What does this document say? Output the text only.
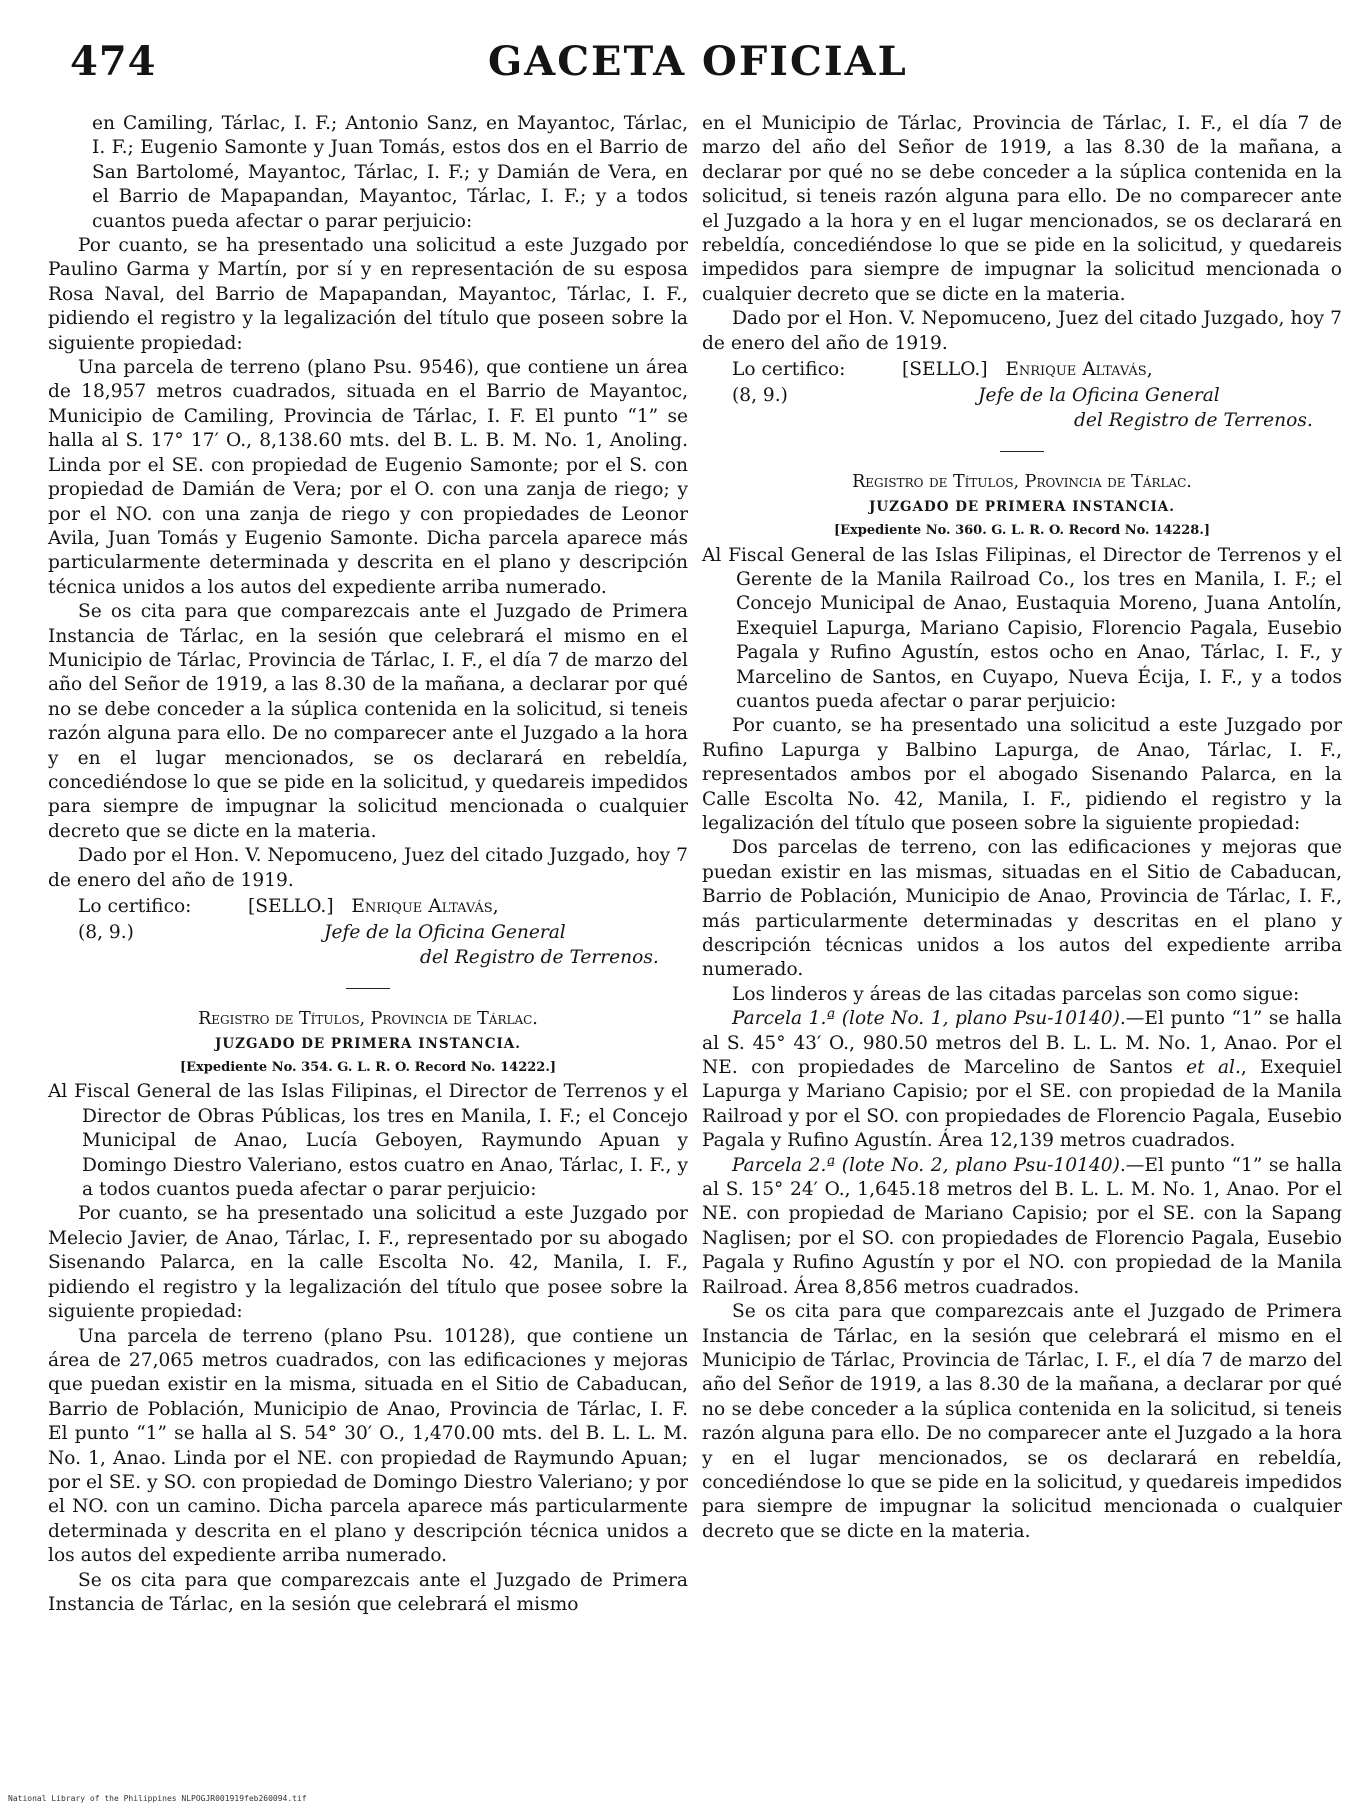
474	GACETA OFICIAL

en Camiling, Tárlac, I. F.; Antonio Sanz, en Mayantoc, Tárlac, I. F.; Eugenio Samonte y Juan Tomás, estos dos en el Barrio de San Bartolomé, Mayantoc, Tárlac, I. F.; y Damián de Vera, en el Barrio de Mapapandan, Mayantoc, Tárlac, I. F.; y a todos cuantos pueda afectar o parar perjuicio:

Por cuanto, se ha presentado una solicitud a este Juzgado por Paulino Garma y Martín, por sí y en representación de su esposa Rosa Naval, del Barrio de Mapapandan, Mayantoc, Tárlac, I. F., pidiendo el registro y la legalización del título que poseen sobre la siguiente propiedad:

Una parcela de terreno (plano Psu. 9546), que contiene un área de 18,957 metros cuadrados, situada en el Barrio de Mayantoc, Municipio de Camiling, Provincia de Tárlac, I. F. El punto “1” se halla al S. 17° 17′ O., 8,138.60 mts. del B. L. B. M. No. 1, Anoling. Linda por el SE. con propiedad de Eugenio Samonte; por el S. con propiedad de Damián de Vera; por el O. con una zanja de riego; y por el NO. con una zanja de riego y con propiedades de Leonor Avila, Juan Tomás y Eugenio Samonte. Dicha parcela aparece más particularmente determinada y descrita en el plano y descripción técnica unidos a los autos del expediente arriba numerado.

Se os cita para que comparezcais ante el Juzgado de Primera Instancia de Tárlac, en la sesión que celebrará el mismo en el Municipio de Tárlac, Provincia de Tárlac, I. F., el día 7 de marzo del año del Señor de 1919, a las 8.30 de la mañana, a declarar por qué no se debe conceder a la súplica contenida en la solicitud, si teneis razón alguna para ello. De no comparecer ante el Juzgado a la hora y en el lugar mencionados, se os declarará en rebeldía, concediéndose lo que se pide en la solicitud, y quedareis impedidos para siempre de impugnar la solicitud mencionada o cualquier decreto que se dicte en la materia.

Dado por el Hon. V. Nepomuceno, Juez del citado Juzgado, hoy 7 de enero del año de 1919.

Lo certifico:	[SELLO.] Enrique Altavás,
(8, 9.)	Jefe de la Oficina General
del Registro de Terrenos.

Registro de Títulos, Provincia de Tárlac.

JUZGADO DE PRIMERA INSTANCIA.

[Expediente No. 354. G. L. R. O. Record No. 14222.]

Al Fiscal General de las Islas Filipinas, el Director de Terrenos y el Director de Obras Públicas, los tres en Manila, I. F.; el Concejo Municipal de Anao, Lucía Geboyen, Raymundo Apuan y Domingo Diestro Valeriano, estos cuatro en Anao, Tárlac, I. F., y a todos cuantos pueda afectar o parar perjuicio:

Por cuanto, se ha presentado una solicitud a este Juzgado por Melecio Javier, de Anao, Tárlac, I. F., representado por su abogado Sisenando Palarca, en la calle Escolta No. 42, Manila, I. F., pidiendo el registro y la legalización del título que posee sobre la siguiente propiedad:

Una parcela de terreno (plano Psu. 10128), que contiene un área de 27,065 metros cuadrados, con las edificaciones y mejoras que puedan existir en la misma, situada en el Sitio de Cabaducan, Barrio de Población, Municipio de Anao, Provincia de Tárlac, I. F. El punto “1” se halla al S. 54° 30′ O., 1,470.00 mts. del B. L. L. M. No. 1, Anao. Linda por el NE. con propiedad de Raymundo Apuan; por el SE. y SO. con propiedad de Domingo Diestro Valeriano; y por el NO. con un camino. Dicha parcela aparece más particularmente determinada y descrita en el plano y descripción técnica unidos a los autos del expediente arriba numerado.

Se os cita para que comparezcais ante el Juzgado de Primera Instancia de Tárlac, en la sesión que celebrará el mismo

en el Municipio de Tárlac, Provincia de Tárlac, I. F., el día 7 de marzo del año del Señor de 1919, a las 8.30 de la mañana, a declarar por qué no se debe conceder a la súplica contenida en la solicitud, si teneis razón alguna para ello. De no comparecer ante el Juzgado a la hora y en el lugar mencionados, se os declarará en rebeldía, concediéndose lo que se pide en la solicitud, y quedareis impedidos para siempre de impugnar la solicitud mencionada o cualquier decreto que se dicte en la materia.

Dado por el Hon. V. Nepomuceno, Juez del citado Juzgado, hoy 7 de enero del año de 1919.

Lo certifico:	[SELLO.] Enrique Altavás,
(8, 9.)	Jefe de la Oficina General
del Registro de Terrenos.

Registro de Títulos, Provincia de Tárlac.

JUZGADO DE PRIMERA INSTANCIA.

[Expediente No. 360. G. L. R. O. Record No. 14228.]

Al Fiscal General de las Islas Filipinas, el Director de Terrenos y el Gerente de la Manila Railroad Co., los tres en Manila, I. F.; el Concejo Municipal de Anao, Eustaquia Moreno, Juana Antolín, Exequiel Lapurga, Mariano Capisio, Florencio Pagala, Eusebio Pagala y Rufino Agustín, estos ocho en Anao, Tárlac, I. F., y Marcelino de Santos, en Cuyapo, Nueva Écija, I. F., y a todos cuantos pueda afectar o parar perjuicio:

Por cuanto, se ha presentado una solicitud a este Juzgado por Rufino Lapurga y Balbino Lapurga, de Anao, Tárlac, I. F., representados ambos por el abogado Sisenando Palarca, en la Calle Escolta No. 42, Manila, I. F., pidiendo el registro y la legalización del título que poseen sobre la siguiente propiedad:

Dos parcelas de terreno, con las edificaciones y mejoras que puedan existir en las mismas, situadas en el Sitio de Cabaducan, Barrio de Población, Municipio de Anao, Provincia de Tárlac, I. F., más particularmente determinadas y descritas en el plano y descripción técnicas unidos a los autos del expediente arriba numerado.

Los linderos y áreas de las citadas parcelas son como sigue:

Parcela 1.ª (lote No. 1, plano Psu-10140).—El punto “1” se halla al S. 45° 43′ O., 980.50 metros del B. L. L. M. No. 1, Anao. Por el NE. con propiedades de Marcelino de Santos et al., Exequiel Lapurga y Mariano Capisio; por el SE. con propiedad de la Manila Railroad y por el SO. con propiedades de Florencio Pagala, Eusebio Pagala y Rufino Agustín. Área 12,139 metros cuadrados.

Parcela 2.ª (lote No. 2, plano Psu-10140).—El punto “1” se halla al S. 15° 24′ O., 1,645.18 metros del B. L. L. M. No. 1, Anao. Por el NE. con propiedad de Mariano Capisio; por el SE. con la Sapang Naglisen; por el SO. con propiedades de Florencio Pagala, Eusebio Pagala y Rufino Agustín y por el NO. con propiedad de la Manila Railroad. Área 8,856 metros cuadrados.

Se os cita para que comparezcais ante el Juzgado de Primera Instancia de Tárlac, en la sesión que celebrará el mismo en el Municipio de Tárlac, Provincia de Tárlac, I. F., el día 7 de marzo del año del Señor de 1919, a las 8.30 de la mañana, a declarar por qué no se debe conceder a la súplica contenida en la solicitud, si teneis razón alguna para ello. De no comparecer ante el Juzgado a la hora y en el lugar mencionados, se os declarará en rebeldía, concediéndose lo que se pide en la solicitud, y quedareis impedidos para siempre de impugnar la solicitud mencionada o cualquier decreto que se dicte en la materia.

National Library of the Philippines NLPOGJR001919feb260094.tif
